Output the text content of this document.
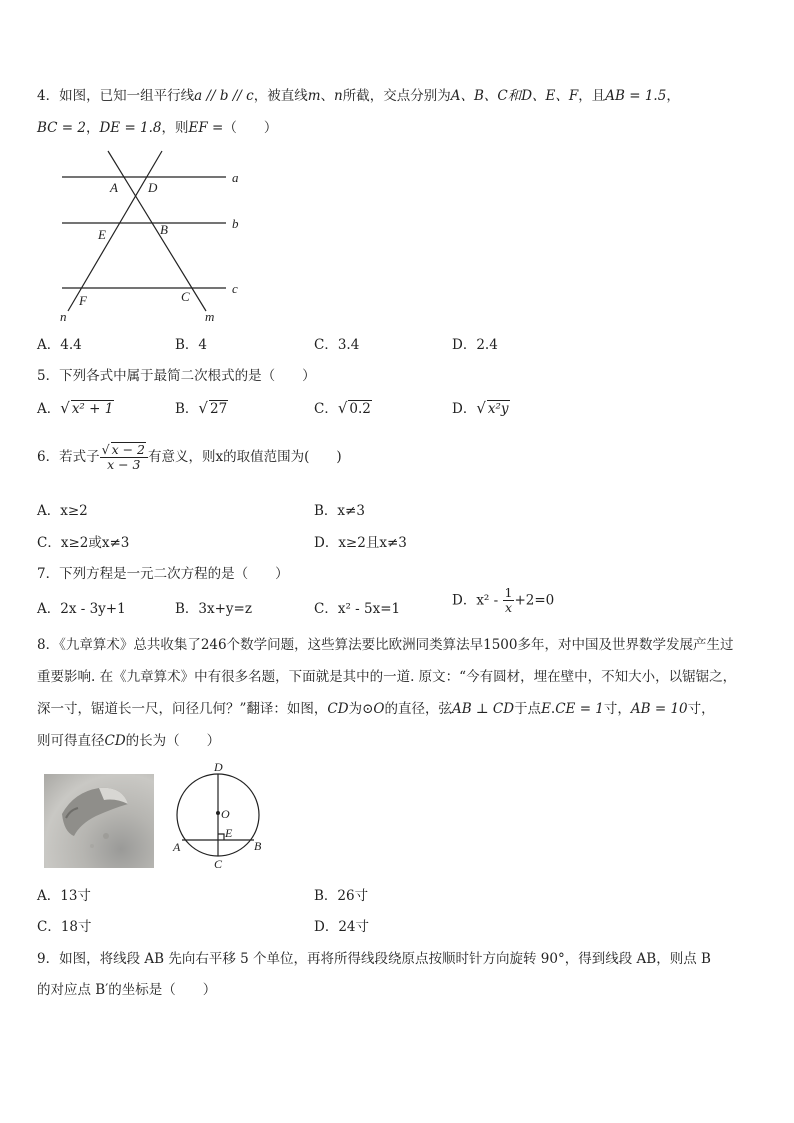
4．如图，已知一组平行线a // b // c，被直线m、n所截，交点分别为A、B、C和D、E、F，且AB = 1.5，
BC = 2，DE = 1.8，则EF =（　　）
a
b
c
A D
E	B
F	C
n	m
A．4.4	B．4	C．3.4	D．2.4
5．下列各式中属于最简二次根式的是（　　）
A．√ x² + 1	B．√ 27	C．√ 0.2	D．√ x²y
6．若式子 $\frac{√ x - 2}{x - 3}$ 有意义，则x的取值范围为(　　)
A．x≥2	B．x≠3
C．x≥2或x≠3	D．x≥2且x≠3
7．下列方程是一元二次方程的是（　　）
A．2x - 3y+1	B．3x+y=z	C．x² - 5x=1
D．$x^2 - \frac{1}{x} +2=0$
8．《九章算术》总共收集了246个数学问题，这些算法要比欧洲同类算法早1500多年，对中国及世界数学发展产生过
重要影响. 在《九章算术》中有很多名题，下面就是其中的一道. 原文：“今有圆材，埋在壁中，不知大小，以锯锯之，
深一寸，锯道长一尺，问径几何？”翻译：如图，CD为⊙O的直径，弦AB ⊥ CD于点E.CE = 1寸，AB = 10寸，
则可得直径CD的长为（　　）
D
O
E
A	B
C
A．13寸	B．26寸
C．18寸	D．24寸
9．如图，将线段 AB 先向右平移 5 个单位，再将所得线段绕原点按顺时针方向旋转 90°，得到线段 AB，则点 B
的对应点 B′的坐标是（　　）
